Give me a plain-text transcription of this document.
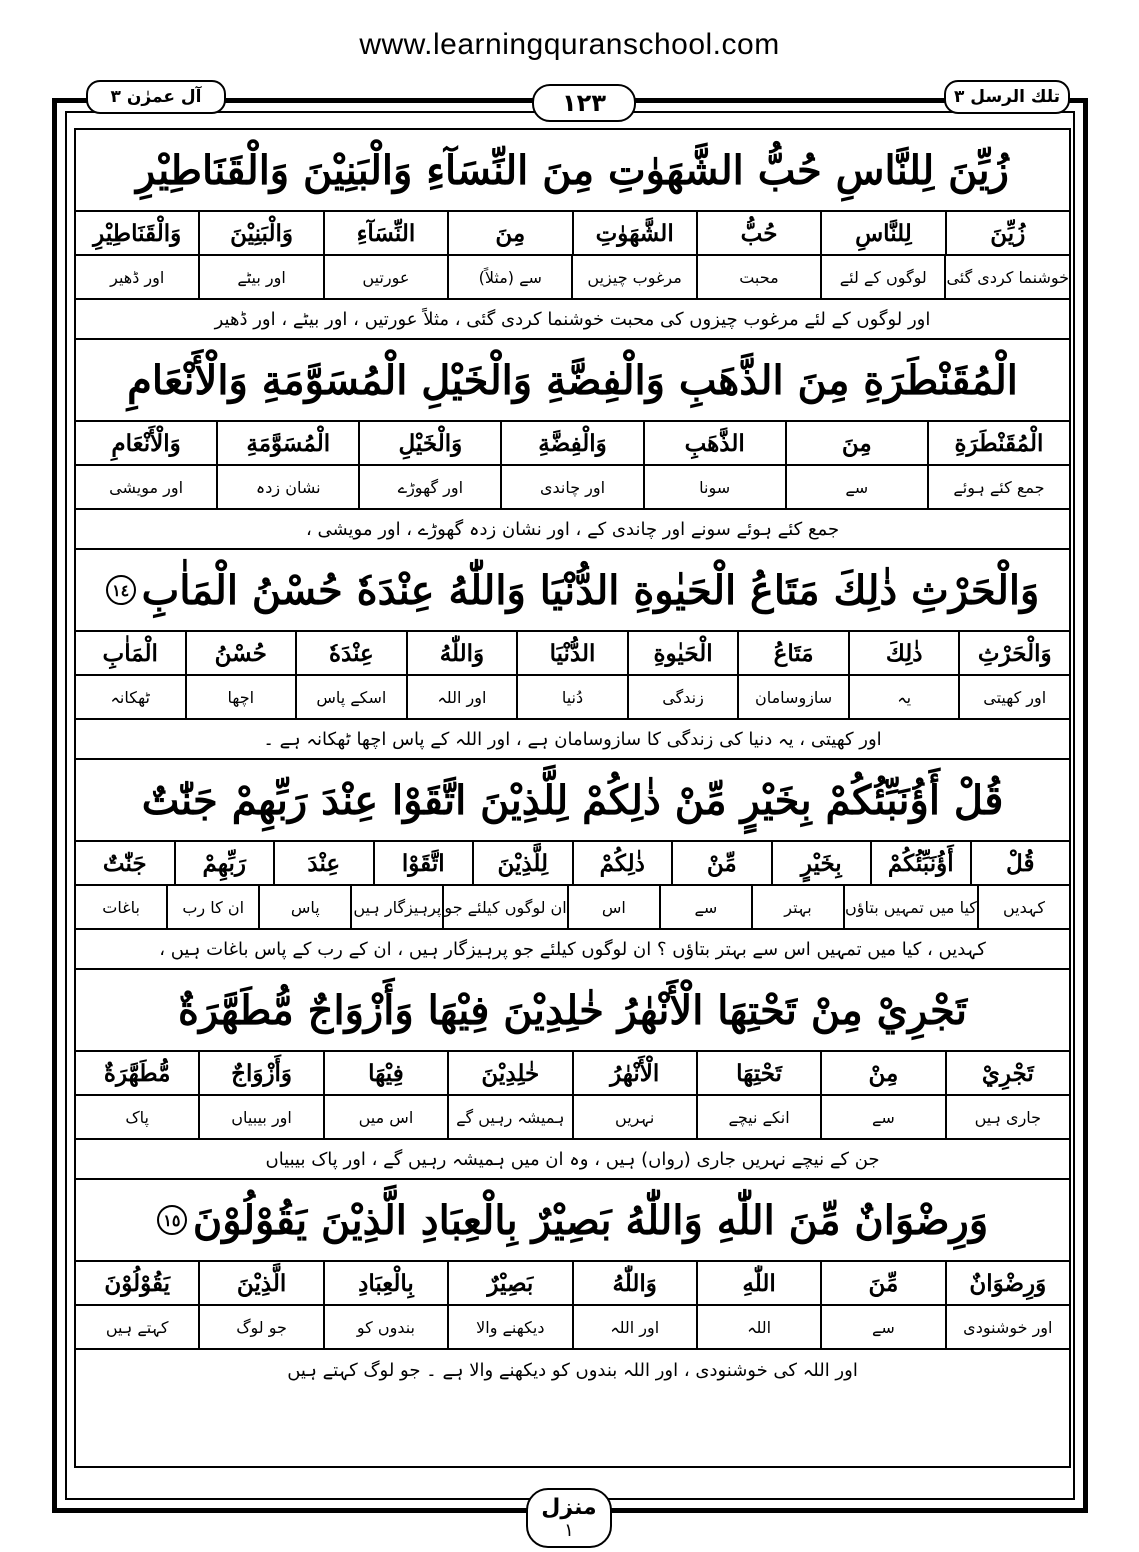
www.learningquranschool.com
آل عمرٰن ٣	١٢٣	تلك الرسل ٣
زُيِّنَ لِلنَّاسِ حُبُّ الشَّهَوٰتِ مِنَ النِّسَآءِ وَالْبَنِيْنَ وَالْقَنَاطِيْرِ
زُيِّنَ
لِلنَّاسِ
حُبُّ
الشَّهَوٰتِ
مِنَ
النِّسَآءِ
وَالْبَنِيْنَ
وَالْقَنَاطِيْرِ
خوشنما کردی گئی
لوگوں کے لئے
محبت
مرغوب چیزیں
سے (مثلاً)
عورتیں
اور بیٹے
اور ڈھیر
اور لوگوں کے لئے مرغوب چیزوں کی محبت خوشنما کردی گئی ، مثلاً عورتیں ، اور بیٹے ، اور ڈھیر
الْمُقَنْطَرَةِ مِنَ الذَّهَبِ وَالْفِضَّةِ وَالْخَيْلِ الْمُسَوَّمَةِ وَالْأَنْعَامِ
الْمُقَنْطَرَةِ
مِنَ
الذَّهَبِ
وَالْفِضَّةِ
وَالْخَيْلِ
الْمُسَوَّمَةِ
وَالْأَنْعَامِ
جمع کئے ہوئے
سے
سونا
اور چاندی
اور گھوڑے
نشان زدہ
اور مویشی
جمع کئے ہوئے سونے اور چاندی کے ، اور نشان زدہ گھوڑے ، اور مویشی ،
وَالْحَرْثِ ذٰلِكَ مَتَاعُ الْحَيٰوةِ الدُّنْيَا وَاللّٰهُ عِنْدَهٗ حُسْنُ الْمَاٰبِ
١٤
وَالْحَرْثِ
ذٰلِكَ
مَتَاعُ
الْحَيٰوةِ
الدُّنْيَا
وَاللّٰهُ
عِنْدَهٗ
حُسْنُ
الْمَاٰبِ
اور کھیتی
یہ
سازوسامان
زندگی
دُنیا
اور اللہ
اسکے پاس
اچھا
ٹھکانہ
اور کھیتی ، یہ دنیا کی زندگی کا سازوسامان ہے ، اور اللہ کے پاس اچھا ٹھکانہ ہے ۔
قُلْ أَؤُنَبِّئُكُمْ بِخَيْرٍ مِّنْ ذٰلِكُمْ لِلَّذِيْنَ اتَّقَوْا عِنْدَ رَبِّهِمْ جَنّٰتٌ
قُلْ
أَؤُنَبِّئُكُمْ
بِخَيْرٍ
مِّنْ
ذٰلِكُمْ
لِلَّذِيْنَ
اتَّقَوْا
عِنْدَ
رَبِّهِمْ
جَنّٰتٌ
کہدیں
کیا میں تمہیں بتاؤں
بہتر
سے
اس
ان لوگوں کیلئے جو
پرہیزگار ہیں
پاس
ان کا رب
باغات
کہدیں ، کیا میں تمہیں اس سے بہتر بتاؤں ؟ ان لوگوں کیلئے جو پرہیزگار ہیں ، ان کے رب کے پاس باغات ہیں ،
تَجْرِيْ مِنْ تَحْتِهَا الْأَنْهٰرُ خٰلِدِيْنَ فِيْهَا وَأَزْوَاجٌ مُّطَهَّرَةٌ
تَجْرِيْ
مِنْ
تَحْتِهَا
الْأَنْهٰرُ
خٰلِدِيْنَ
فِيْهَا
وَأَزْوَاجٌ
مُّطَهَّرَةٌ
جاری ہیں
سے
انکے نیچے
نہریں
ہمیشہ رہیں گے
اس میں
اور بیبیاں
پاک
جن کے نیچے نہریں جاری (رواں) ہیں ، وہ ان میں ہمیشہ رہیں گے ، اور پاک بیبیاں
وَرِضْوَانٌ مِّنَ اللّٰهِ وَاللّٰهُ بَصِيْرٌ بِالْعِبَادِ الَّذِيْنَ يَقُوْلُوْنَ
١٥
وَرِضْوَانٌ
مِّنَ
اللّٰهِ
وَاللّٰهُ
بَصِيْرٌ
بِالْعِبَادِ
الَّذِيْنَ
يَقُوْلُوْنَ
اور خوشنودی
سے
اللہ
اور اللہ
دیکھنے والا
بندوں کو
جو لوگ
کہتے ہیں
اور اللہ کی خوشنودی ، اور اللہ بندوں کو دیکھنے والا ہے ۔ جو لوگ کہتے ہیں
منزل
١
